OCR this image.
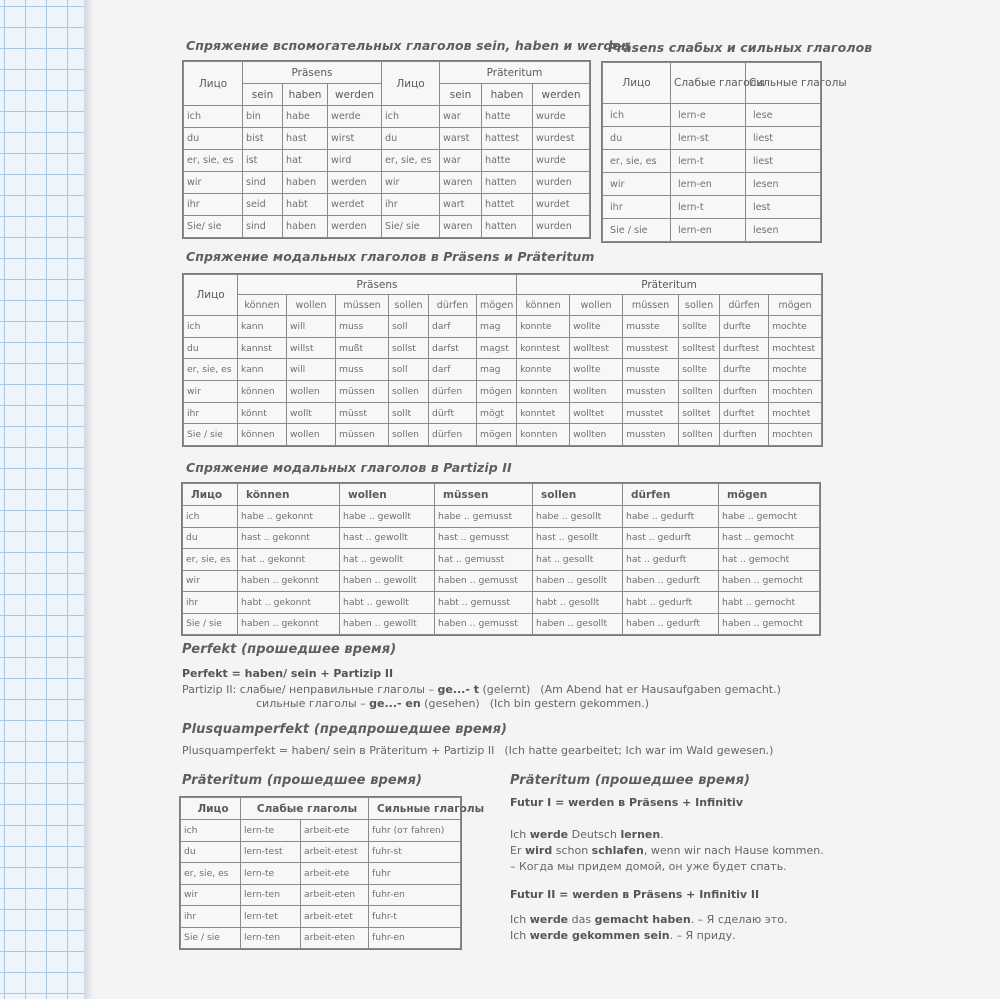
Спряжение вспомогательных глаголов sein, haben и werden
Präsens слабых и сильных глаголов
Лицо	Präsens			Лицо	Präteritum		
	sein	haben	werden		sein	haben	werden
ich	bin	habe	werde	ich	war	hatte	wurde
du	bist	hast	wirst	du	warst	hattest	wurdest
er, sie, es	ist	hat	wird	er, sie, es	war	hatte	wurde
wir	sind	haben	werden	wir	waren	hatten	wurden
ihr	seid	habt	werdet	ihr	wart	hattet	wurdet
Sie/ sie	sind	haben	werden	Sie/ sie	waren	hatten	wurden
Лицо	Слабые глаголы	Сильные глаголы
ich	lern-e	lese
du	lern-st	liest
er, sie, es	lern-t	liest
wir	lern-en	lesen
ihr	lern-t	lest
Sie / sie	lern-en	lesen
Спряжение модальных глаголов в Präsens и Präteritum
Лицо	Präsens						Präteritum					
	können	wollen	müssen	sollen	dürfen	mögen	können	wollen	müssen	sollen	dürfen	mögen
ich	kann	will	muss	soll	darf	mag	konnte	wollte	musste	sollte	durfte	mochte
du	kannst	willst	mußt	sollst	darfst	magst	konntest	wolltest	musstest	solltest	durftest	mochtest
er, sie, es	kann	will	muss	soll	darf	mag	konnte	wollte	musste	sollte	durfte	mochte
wir	können	wollen	müssen	sollen	dürfen	mögen	konnten	wollten	mussten	sollten	durften	mochten
ihr	könnt	wollt	müsst	sollt	dürft	mögt	konntet	wolltet	musstet	solltet	durftet	mochtet
Sie / sie	können	wollen	müssen	sollen	dürfen	mögen	konnten	wollten	mussten	sollten	durften	mochten
Спряжение модальных глаголов в Partizip II
Лицо	können	wollen	müssen	sollen	dürfen	mögen
ich	habe .. gekonnt	habe .. gewollt	habe .. gemusst	habe .. gesollt	habe .. gedurft	habe .. gemocht
du	hast .. gekonnt	hast .. gewollt	hast .. gemusst	hast .. gesollt	hast .. gedurft	hast .. gemocht
er, sie, es	hat .. gekonnt	hat .. gewollt	hat .. gemusst	hat .. gesollt	hat .. gedurft	hat .. gemocht
wir	haben .. gekonnt	haben .. gewollt	haben .. gemusst	haben .. gesollt	haben .. gedurft	haben .. gemocht
ihr	habt .. gekonnt	habt .. gewollt	habt .. gemusst	habt .. gesollt	habt .. gedurft	habt .. gemocht
Sie / sie	haben .. gekonnt	haben .. gewollt	haben .. gemusst	haben .. gesollt	haben .. gedurft	haben .. gemocht
Perfekt (прошедшее время)
Perfekt = haben/ sein + Partizip II
Partizip II: слабые/ неправильные глаголы – ge...- t (gelernt) (Am Abend hat er Hausaufgaben gemacht.)
сильные глаголы – ge...- en (gesehen) (Ich bin gestern gekommen.)
Plusquamperfekt (предпрошедшее время)
Plusquamperfekt = haben/ sein в Präteritum + Partizip II (Ich hatte gearbeitet; Ich war im Wald gewesen.)
Präteritum (прошедшее время)
Лицо	Слабые глаголы		Сильные глаголы
ich	lern-te	arbeit-ete	fuhr (от fahren)
du	lern-test	arbeit-etest	fuhr-st
er, sie, es	lern-te	arbeit-ete	fuhr
wir	lern-ten	arbeit-eten	fuhr-en
ihr	lern-tet	arbeit-etet	fuhr-t
Sie / sie	lern-ten	arbeit-eten	fuhr-en
Präteritum (прошедшее время)
Futur I = werden в Präsens + Infinitiv
Ich werde Deutsch lernen.
Er wird schon schlafen, wenn wir nach Hause kommen.
– Когда мы придем домой, он уже будет спать.
Futur II = werden в Präsens + Infinitiv II
Ich werde das gemacht haben. – Я сделаю это.
Ich werde gekommen sein. – Я приду.
